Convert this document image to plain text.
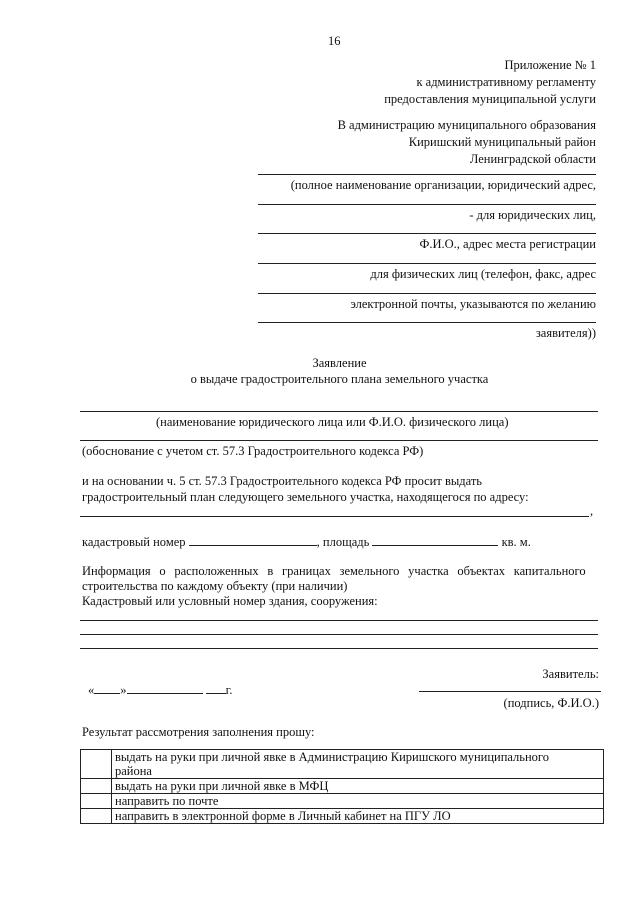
16
Приложение № 1
к административному регламенту
предоставления муниципальной услуги
В администрацию муниципального образования
Киришский муниципальный район
Ленинградской области
(полное наименование организации, юридический адрес,
- для юридических лиц,
Ф.И.О., адрес места регистрации
для физических лиц (телефон, факс, адрес
электронной почты, указываются по желанию
заявителя))
Заявление
о выдаче градостроительного плана земельного участка
(наименование юридического лица или Ф.И.О. физического лица)
(обоснование с учетом ст. 57.3 Градостроительного кодекса РФ)
и на основании ч. 5 ст. 57.3 Градостроительного кодекса РФ просит выдать
градостроительный план следующего земельного участка, находящегося по адресу:
,
кадастровый номер	, площадь	кв. м.
Информация о расположенных в границах земельного участка объектах капитального
строительства по каждому объекту (при наличии)
Кадастровый или условный номер здания, сооружения:
Заявитель:
« »	г.
(подпись, Ф.И.О.)
Результат рассмотрения заполнения прошу:
	выдать на руки при личной явке в Администрацию Киришского муниципального района
	выдать на руки при личной явке в МФЦ
	направить по почте
	направить в электронной форме в Личный кабинет на ПГУ ЛО
